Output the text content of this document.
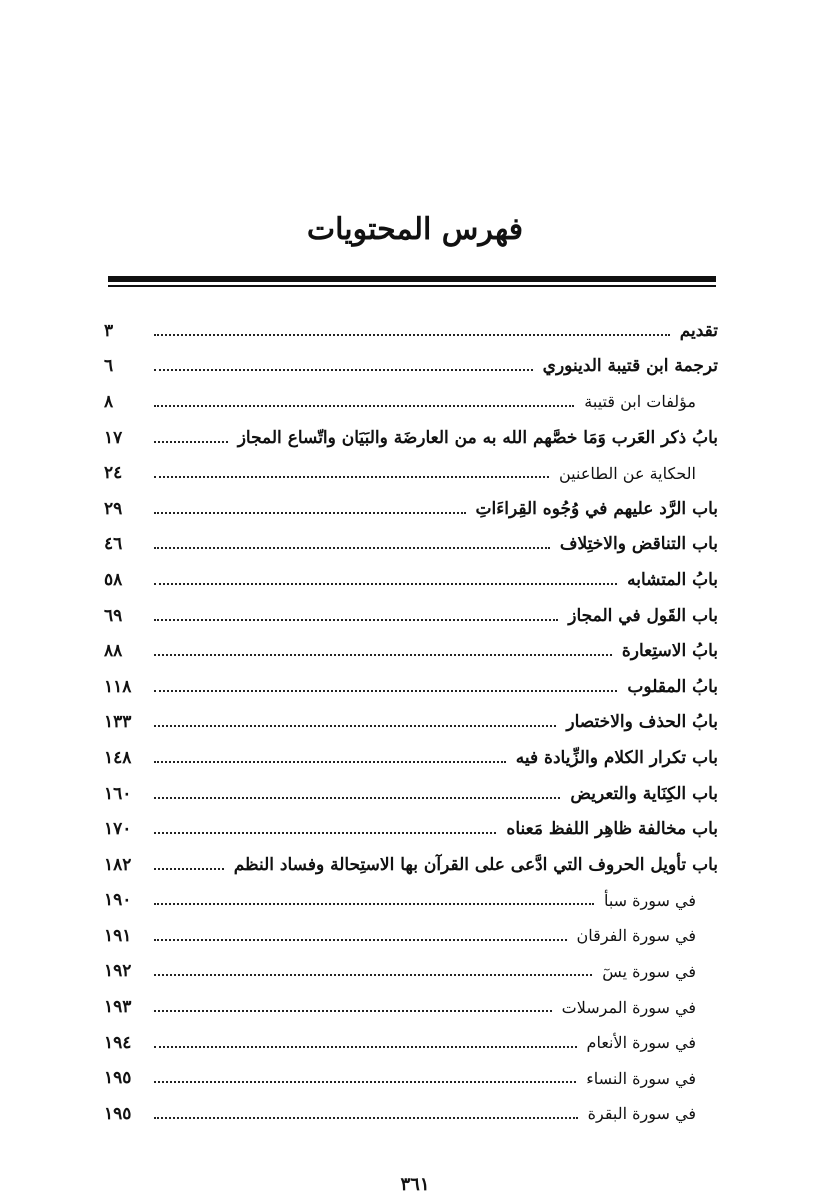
فهرس المحتويات
تقديم
٣
ترجمة ابن قتيبة الدينوري
٦
مؤلفات ابن قتيبة
٨
بابُ ذكر العَرب وَمَا خصَّهم الله به من العارضَة والبَيَان واتّساع المجاز
١٧
الحكاية عن الطاعنين
٢٤
باب الرَّد عليهم في وُجُوه القِراءَاتِ
٢٩
باب التناقض والاختِلاف
٤٦
بابُ المتشابه
٥٨
باب القَول في المجاز
٦٩
بابُ الاستِعارة
٨٨
بابُ المقلوب
١١٨
بابُ الحذف والاختصار
١٣٣
باب تكرار الكلام والزِّيادة فيه
١٤٨
باب الكِنَاية والتعريض
١٦٠
باب مخالفة ظاهِر اللفظ مَعناه
١٧٠
باب تأويل الحروف التي ادَّعى على القرآن بها الاستِحالة وفساد النظم
١٨٢
في سورة سبأ
١٩٠
في سورة الفرقان
١٩١
في سورة يسٓ
١٩٢
في سورة المرسلات
١٩٣
في سورة الأنعام
١٩٤
في سورة النساء
١٩٥
في سورة البقرة
١٩٥
٣٦١
